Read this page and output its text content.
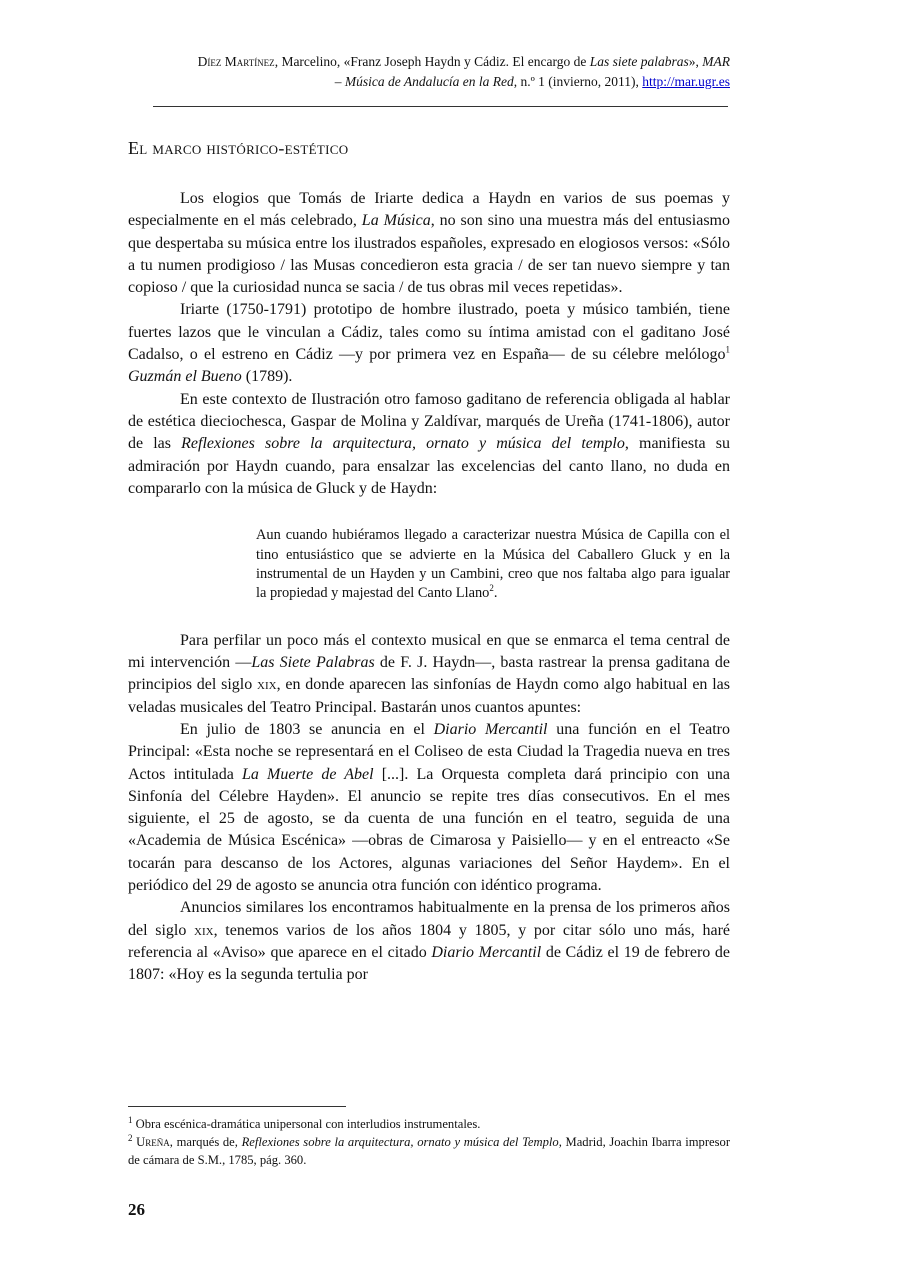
Díez Martínez, Marcelino, «Franz Joseph Haydn y Cádiz. El encargo de Las siete palabras», MAR
– Música de Andalucía en la Red, n.º 1 (invierno, 2011), http://mar.ugr.es
El marco histórico-estético

Los elogios que Tomás de Iriarte dedica a Haydn en varios de sus poemas y especialmente en el más celebrado, La Música, no son sino una muestra más del entusiasmo que despertaba su música entre los ilustrados españoles, expresado en elogiosos versos: «Sólo a tu numen prodigioso / las Musas concedieron esta gracia / de ser tan nuevo siempre y tan copioso / que la curiosidad nunca se sacia / de tus obras mil veces repetidas».

Iriarte (1750-1791) prototipo de hombre ilustrado, poeta y músico también, tiene fuertes lazos que le vinculan a Cádiz, tales como su íntima amistad con el gaditano José Cadalso, o el estreno en Cádiz —y por primera vez en España— de su célebre melólogo$^1$ Guzmán el Bueno (1789).

En este contexto de Ilustración otro famoso gaditano de referencia obligada al hablar de estética dieciochesca, Gaspar de Molina y Zaldívar, marqués de Ureña (1741-1806), autor de las Reflexiones sobre la arquitectura, ornato y música del templo, manifiesta su admiración por Haydn cuando, para ensalzar las excelencias del canto llano, no duda en compararlo con la música de Gluck y de Haydn:

Aun cuando hubiéramos llegado a caracterizar nuestra Música de Capilla con el tino entusiástico que se advierte en la Música del Caballero Gluck y en la instrumental de un Hayden y un Cambini, creo que nos faltaba algo para igualar la propiedad y majestad del Canto Llano$^2$.

Para perfilar un poco más el contexto musical en que se enmarca el tema central de mi intervención —Las Siete Palabras de F. J. Haydn—, basta rastrear la prensa gaditana de principios del siglo xix, en donde aparecen las sinfonías de Haydn como algo habitual en las veladas musicales del Teatro Principal. Bastarán unos cuantos apuntes:

En julio de 1803 se anuncia en el Diario Mercantil una función en el Teatro Principal: «Esta noche se representará en el Coliseo de esta Ciudad la Tragedia nueva en tres Actos intitulada La Muerte de Abel [...]. La Orquesta completa dará principio con una Sinfonía del Célebre Hayden». El anuncio se repite tres días consecutivos. En el mes siguiente, el 25 de agosto, se da cuenta de una función en el teatro, seguida de una «Academia de Música Escénica» —obras de Cimarosa y Paisiello— y en el entreacto «Se tocarán para descanso de los Actores, algunas variaciones del Señor Haydem». En el periódico del 29 de agosto se anuncia otra función con idéntico programa.

Anuncios similares los encontramos habitualmente en la prensa de los primeros años del siglo xix, tenemos varios de los años 1804 y 1805, y por citar sólo uno más, haré referencia al «Aviso» que aparece en el citado Diario Mercantil de Cádiz el 19 de febrero de 1807: «Hoy es la segunda tertulia por

$^1$ Obra escénica-dramática unipersonal con interludios instrumentales.

$^2$ Ureña, marqués de, Reflexiones sobre la arquitectura, ornato y música del Templo, Madrid, Joachin Ibarra impresor de cámara de S.M., 1785, pág. 360.

26
